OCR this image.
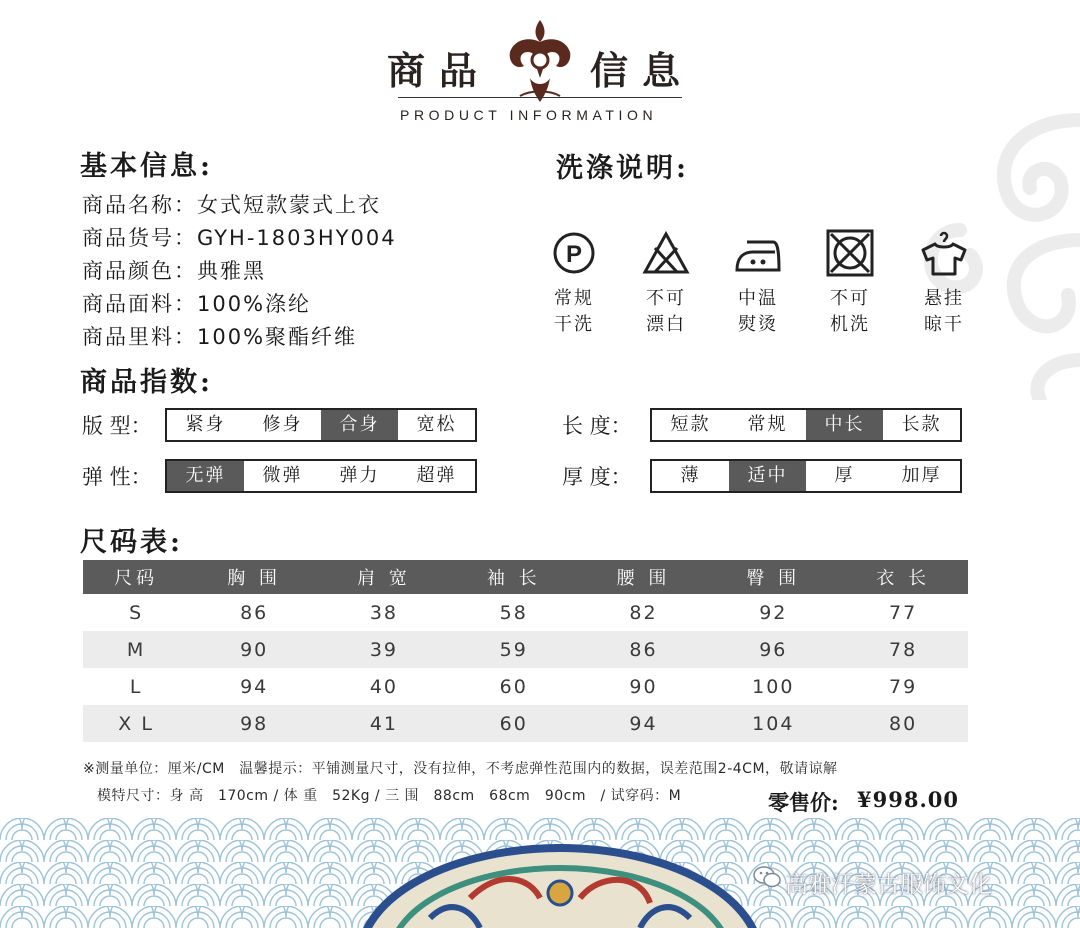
商品	信息
PRODUCT INFORMATION
基本信息:
商品名称：女式短款蒙式上衣
商品货号：GYH-1803HY004
商品颜色：典雅黑
商品面料：100%涤纶
商品里料：100%聚酯纤维
洗涤说明:
P
常规
干洗
不可
漂白
中温
熨烫
不可
机洗
悬挂
晾干
商品指数:
版 型：	紧身	修身	合身	宽松	长 度：	短款	常规	中长	长款
弹 性：	无弹	微弹	弹力	超弹	厚 度：	薄	适中	厚	加厚
尺码表:
尺码	胸 围	肩 宽	袖 长	腰 围	臀 围	衣 长
S	86	38	58	82	92	77
M	90	39	59	86	96	78
L	94	40	60	90	100	79
X L	98	41	60	94	104	80
※测量单位：厘米/CM　温馨提示：平铺测量尺寸，没有拉伸，不考虑弹性范围内的数据，误差范围2-4CM，敬请谅解
模特尺寸：身 高　170cm / 体 重　52Kg / 三 围　88cm　68cm　90cm　/ 试穿码：M	零售价: ¥998.00
高雅汗蒙古服饰文化
